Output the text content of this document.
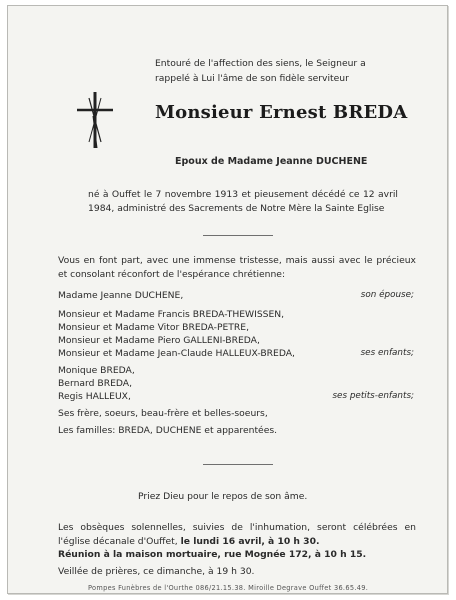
Entouré de l'affection des siens, le Seigneur a
rappelé à Lui l'âme de son fidèle serviteur
Monsieur Ernest BREDA
Epoux de Madame Jeanne DUCHENE
né à Ouffet le 7 novembre 1913 et pieusement décédé ce 12 avril 1984, administré des Sacrements de Notre Mère la Sainte Eglise
Vous en font part, avec une immense tristesse, mais aussi avec le précieux et consolant réconfort de l'espérance chrétienne:
Madame Jeanne DUCHENE,	son épouse;
Monsieur et Madame Francis BREDA-THEWISSEN,
Monsieur et Madame Vitor BREDA-PETRE,
Monsieur et Madame Piero GALLENI-BREDA,
Monsieur et Madame Jean-Claude HALLEUX-BREDA,	ses enfants;
Monique BREDA,
Bernard BREDA,
Regis HALLEUX,	ses petits-enfants;
Ses frère, soeurs, beau-frère et belles-soeurs,
Les familles: BREDA, DUCHENE et apparentées.
Priez Dieu pour le repos de son âme.
Les obsèques solennelles, suivies de l'inhumation, seront célébrées en l'église décanale d'Ouffet, le lundi 16 avril, à 10 h 30.
Réunion à la maison mortuaire, rue Mognée 172, à 10 h 15.
Veillée de prières, ce dimanche, à 19 h 30.
Pompes Funèbres de l'Ourthe 086/21.15.38. Miroille Degrave Ouffet 36.65.49.
